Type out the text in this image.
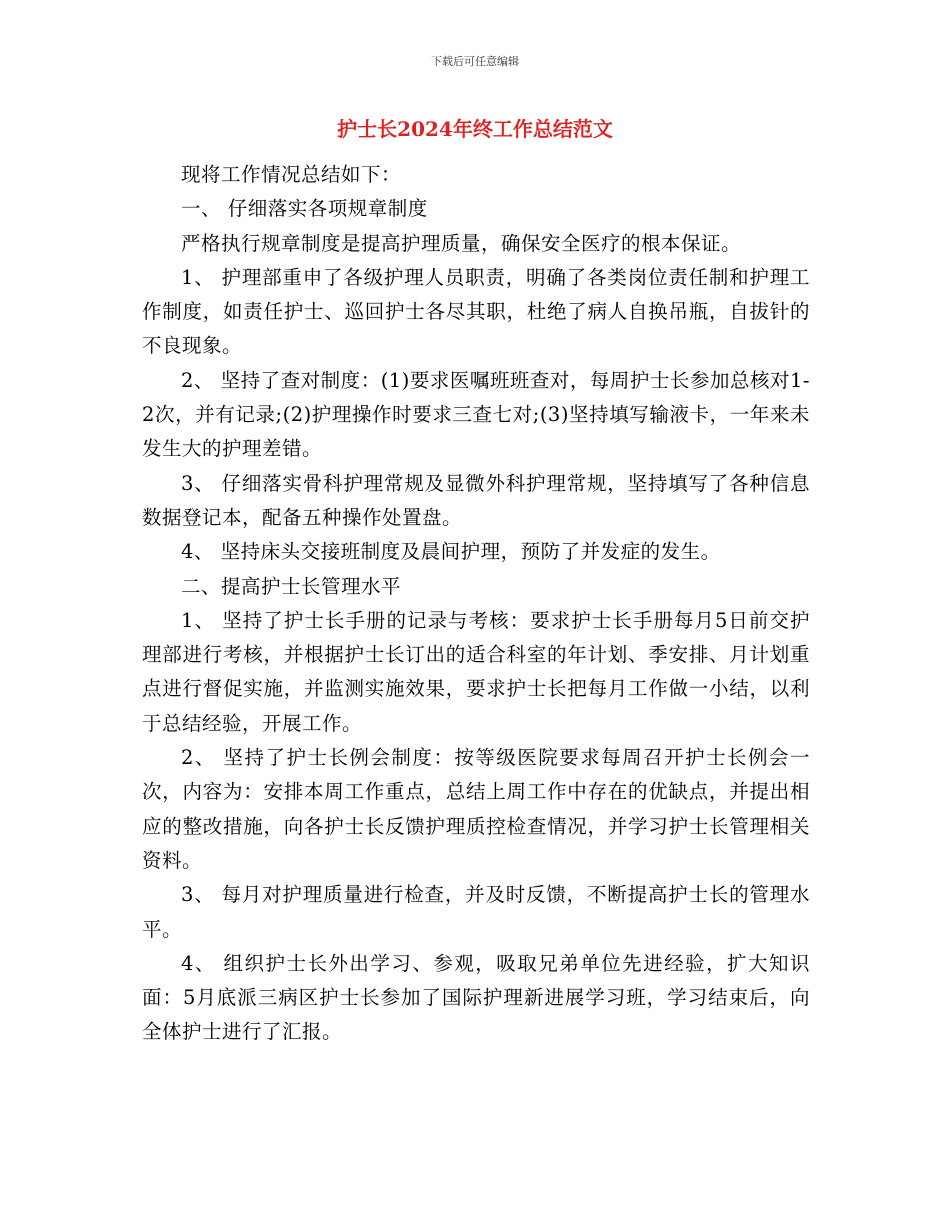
下载后可任意编辑
护士长2024年终工作总结范文

现将工作情况总结如下：

一、 仔细落实各项规章制度

严格执行规章制度是提高护理质量，确保安全医疗的根本保证。

1、 护理部重申了各级护理人员职责，明确了各类岗位责任制和护理工作制度，如责任护士、巡回护士各尽其职，杜绝了病人自换吊瓶，自拔针的不良现象。

2、 坚持了查对制度：(1)要求医嘱班班查对，每周护士长参加总核对1-2次，并有记录;(2)护理操作时要求三查七对;(3)坚持填写输液卡，一年来未发生大的护理差错。

3、 仔细落实骨科护理常规及显微外科护理常规，坚持填写了各种信息数据登记本，配备五种操作处置盘。

4、 坚持床头交接班制度及晨间护理，预防了并发症的发生。

二、提高护士长管理水平

1、 坚持了护士长手册的记录与考核：要求护士长手册每月5日前交护理部进行考核，并根据护士长订出的适合科室的年计划、季安排、月计划重点进行督促实施，并监测实施效果，要求护士长把每月工作做一小结，以利于总结经验，开展工作。

2、 坚持了护士长例会制度：按等级医院要求每周召开护士长例会一次，内容为：安排本周工作重点，总结上周工作中存在的优缺点，并提出相应的整改措施，向各护士长反馈护理质控检查情况，并学习护士长管理相关资料。

3、 每月对护理质量进行检查，并及时反馈，不断提高护士长的管理水平。

4、 组织护士长外出学习、参观，吸取兄弟单位先进经验，扩大知识面：5月底派三病区护士长参加了国际护理新进展学习班，学习结束后，向全体护士进行了汇报。
